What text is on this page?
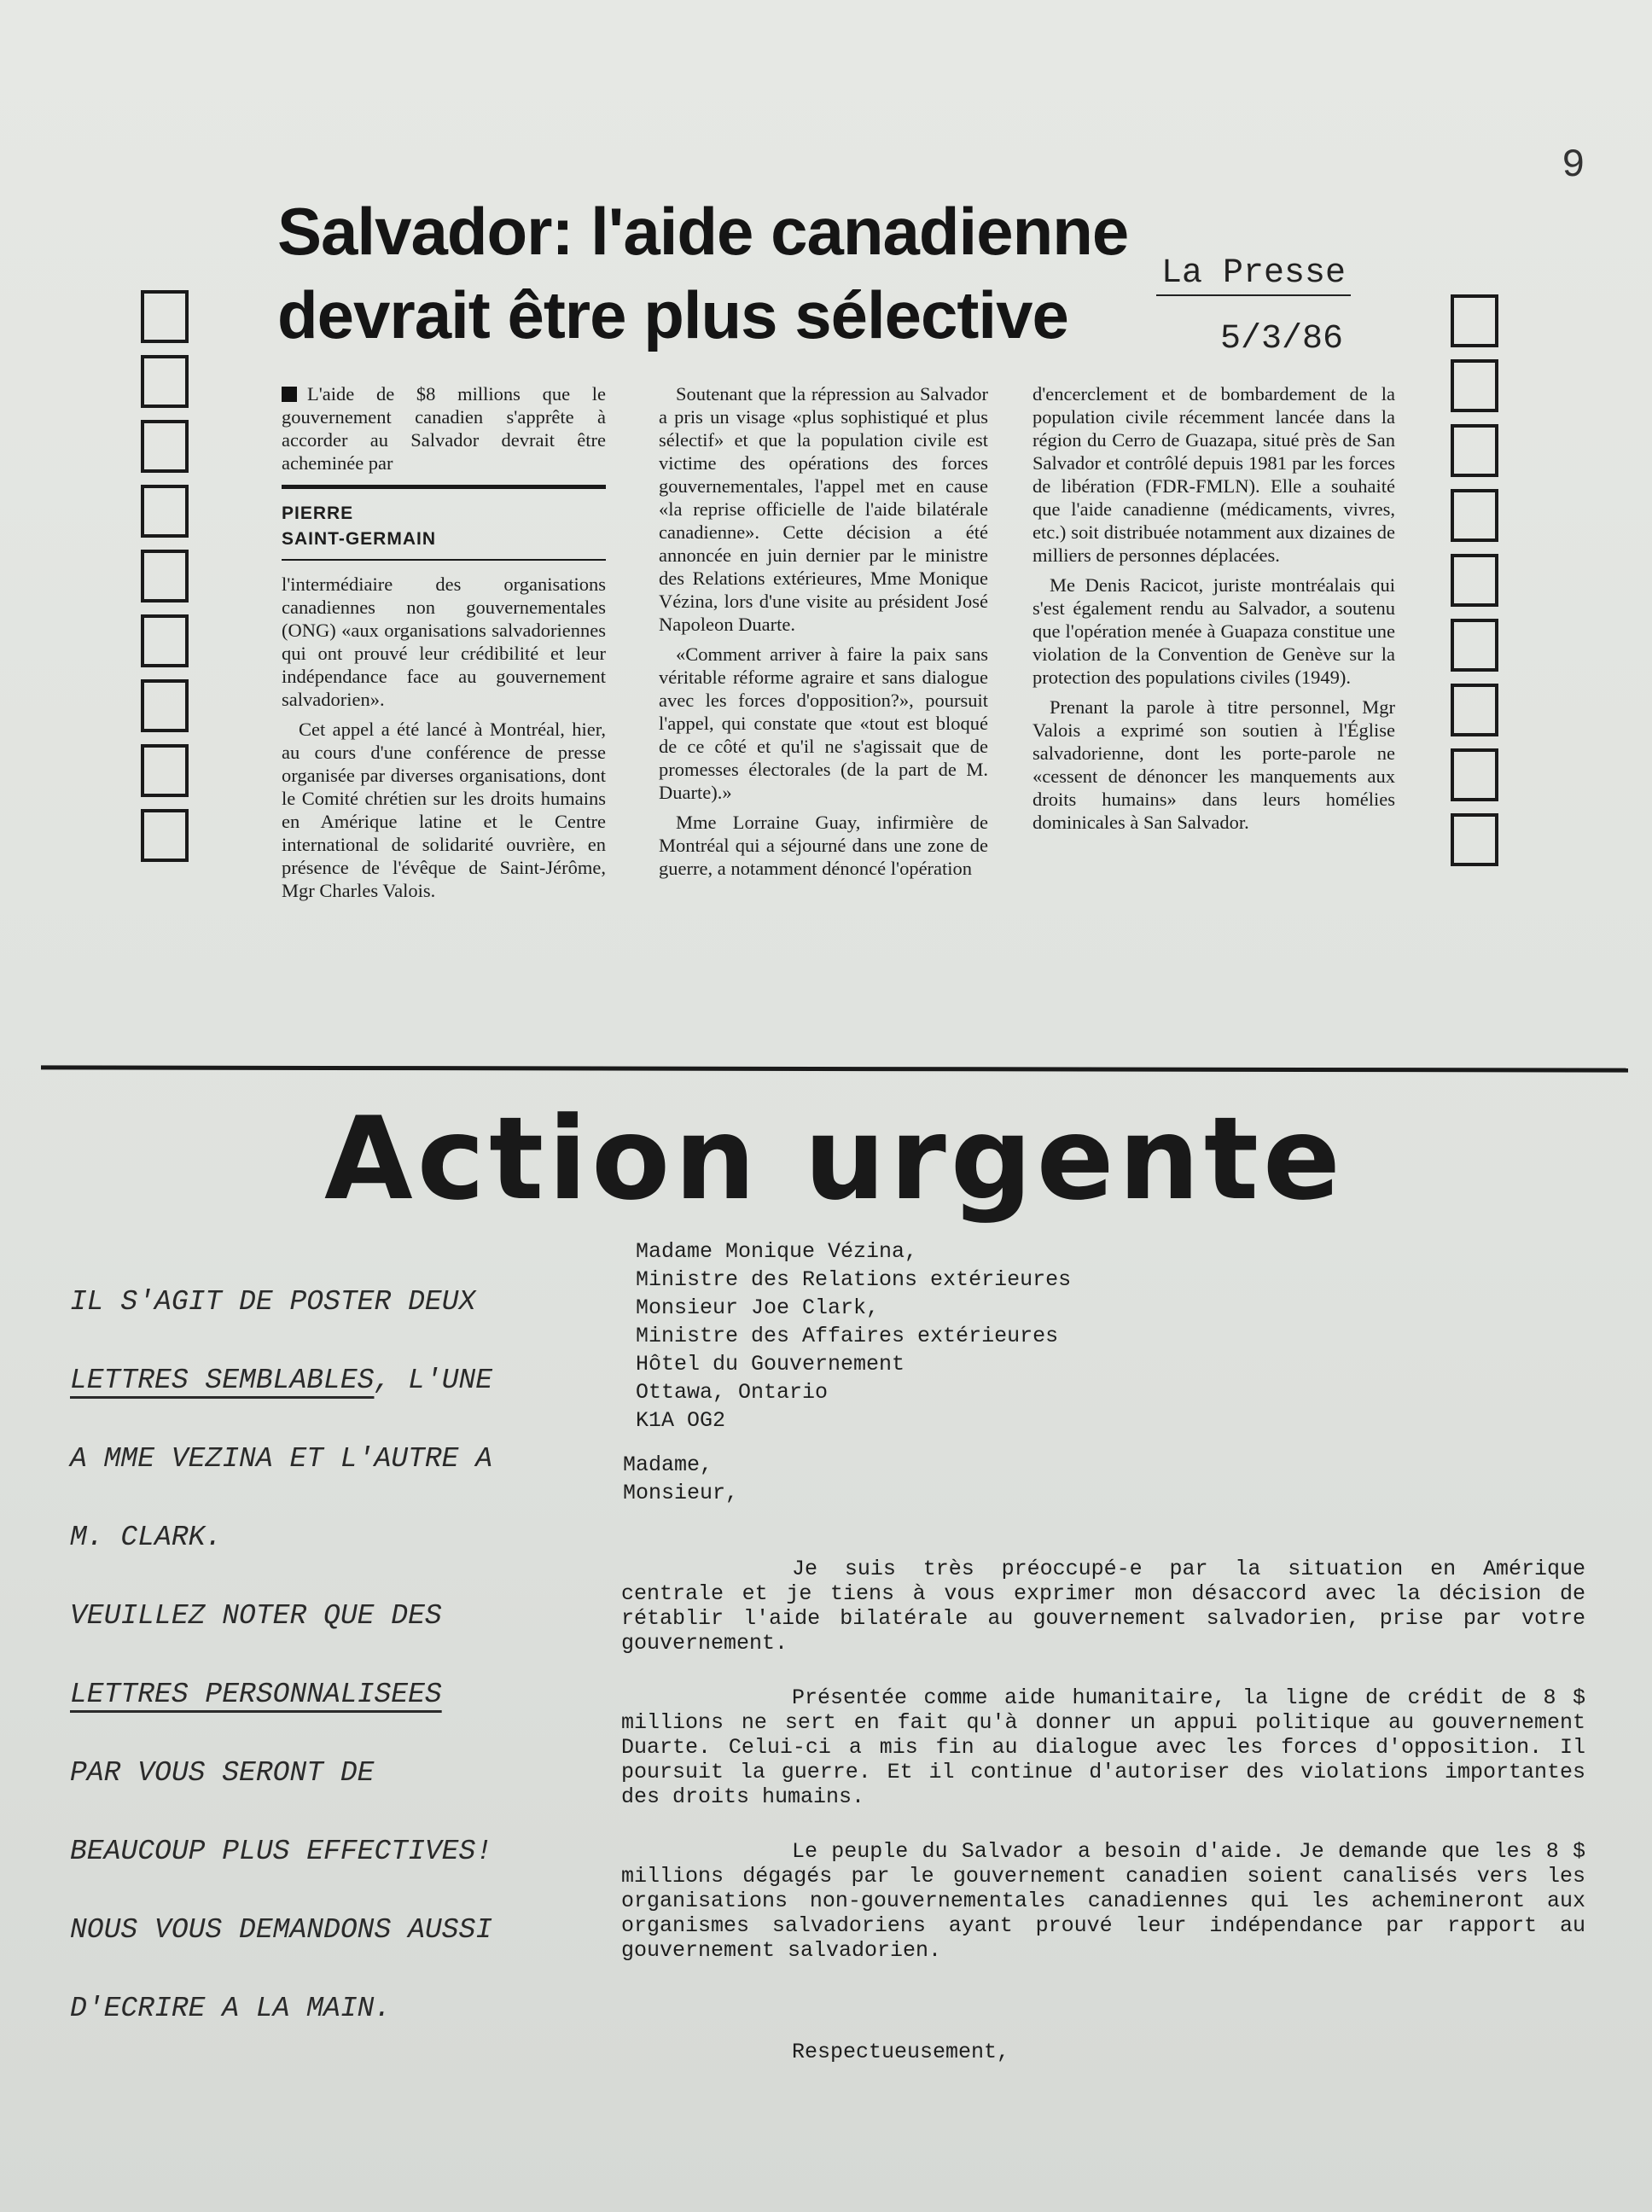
9
Salvador: l'aide canadienne
devrait être plus sélective
La Presse
5/3/86

L'aide de $8 millions que le gouvernement canadien s'apprête à accorder au Salvador devrait être acheminée par

PIERRE
SAINT-GERMAIN

l'intermédiaire des organisations canadiennes non gouvernementales (ONG) «aux organisations salvadoriennes qui ont prouvé leur crédibilité et leur indépendance face au gouvernement salvadorien».

Cet appel a été lancé à Montréal, hier, au cours d'une conférence de presse organisée par diverses organisations, dont le Comité chrétien sur les droits humains en Amérique latine et le Centre international de solidarité ouvrière, en présence de l'évêque de Saint-Jérôme, Mgr Charles Valois.

Soutenant que la répression au Salvador a pris un visage «plus sophistiqué et plus sélectif» et que la population civile est victime des opérations des forces gouvernementales, l'appel met en cause «la reprise officielle de l'aide bilatérale canadienne». Cette décision a été annoncée en juin dernier par le ministre des Relations extérieures, Mme Monique Vézina, lors d'une visite au président José Napoleon Duarte.

«Comment arriver à faire la paix sans véritable réforme agraire et sans dialogue avec les forces d'opposition?», poursuit l'appel, qui constate que «tout est bloqué de ce côté et qu'il ne s'agissait que de promesses électorales (de la part de M. Duarte).»

Mme Lorraine Guay, infirmière de Montréal qui a séjourné dans une zone de guerre, a notamment dénoncé l'opération

d'encerclement et de bombardement de la population civile récemment lancée dans la région du Cerro de Guazapa, situé près de San Salvador et contrôlé depuis 1981 par les forces de libération (FDR-FMLN). Elle a souhaité que l'aide canadienne (médicaments, vivres, etc.) soit distribuée notamment aux dizaines de milliers de personnes déplacées.

Me Denis Racicot, juriste montréalais qui s'est également rendu au Salvador, a soutenu que l'opération menée à Guapaza constitue une violation de la Convention de Genève sur la protection des populations civiles (1949).

Prenant la parole à titre personnel, Mgr Valois a exprimé son soutien à l'Église salvadorienne, dont les porte-parole ne «cessent de dénoncer les manquements aux droits humains» dans leurs homélies dominicales à San Salvador.

Action urgente
IL S'AGIT DE POSTER DEUX
LETTRES SEMBLABLES, L'UNE
A MME VEZINA ET L'AUTRE A
M. CLARK.
VEUILLEZ NOTER QUE DES
LETTRES PERSONNALISEES
PAR VOUS SERONT DE
BEAUCOUP PLUS EFFECTIVES!
NOUS VOUS DEMANDONS AUSSI
D'ECRIRE A LA MAIN.
Madame Monique Vézina,
Ministre des Relations extérieures
Monsieur Joe Clark,
Ministre des Affaires extérieures
Hôtel du Gouvernement
Ottawa, Ontario
K1A OG2
Madame,
Monsieur,

Je suis très préoccupé-e par la situation en Amérique centrale et je tiens à vous exprimer mon désaccord avec la décision de rétablir l'aide bilatérale au gouvernement salvadorien, prise par votre gouvernement.

Présentée comme aide humanitaire, la ligne de crédit de 8 $ millions ne sert en fait qu'à donner un appui politique au gouvernement Duarte. Celui-ci a mis fin au dialogue avec les forces d'opposition. Il poursuit la guerre. Et il continue d'autoriser des violations importantes des droits humains.

Le peuple du Salvador a besoin d'aide. Je demande que les 8 $ millions dégagés par le gouvernement canadien soient canalisés vers les organisations non-gouvernementales canadiennes qui les achemineront aux organismes salvadoriens ayant prouvé leur indépendance par rapport au gouvernement salvadorien.

Respectueusement,
